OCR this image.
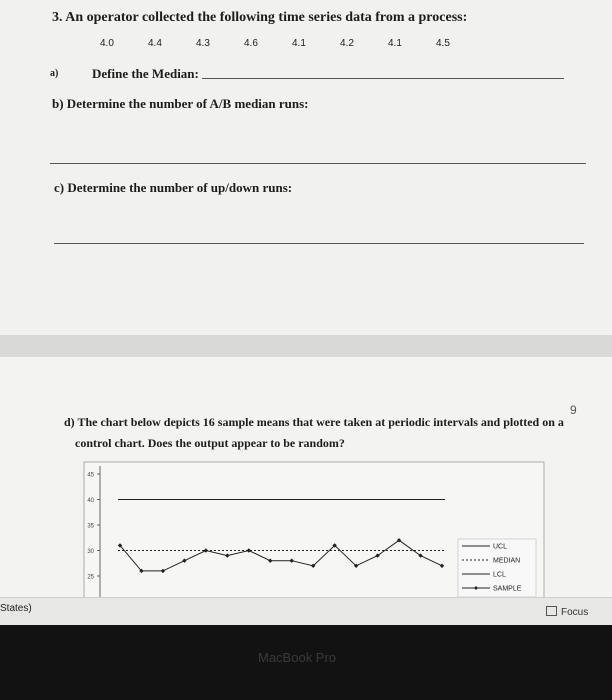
3. An operator collected the following time series data from a process:
4.0	4.4	4.3	4.6	4.1	4.2	4.1	4.5
a)	Define the Median:
b) Determine the number of A/B median runs:
c) Determine the number of up/down runs:
9
d) The chart below depicts 16 sample means that were taken at periodic intervals and plotted on a
control chart. Does the output appear to be random?
45
40
35
30
25
UCL
MEDIAN
LCL
SAMPLE
States)	Focus
MacBook Pro
